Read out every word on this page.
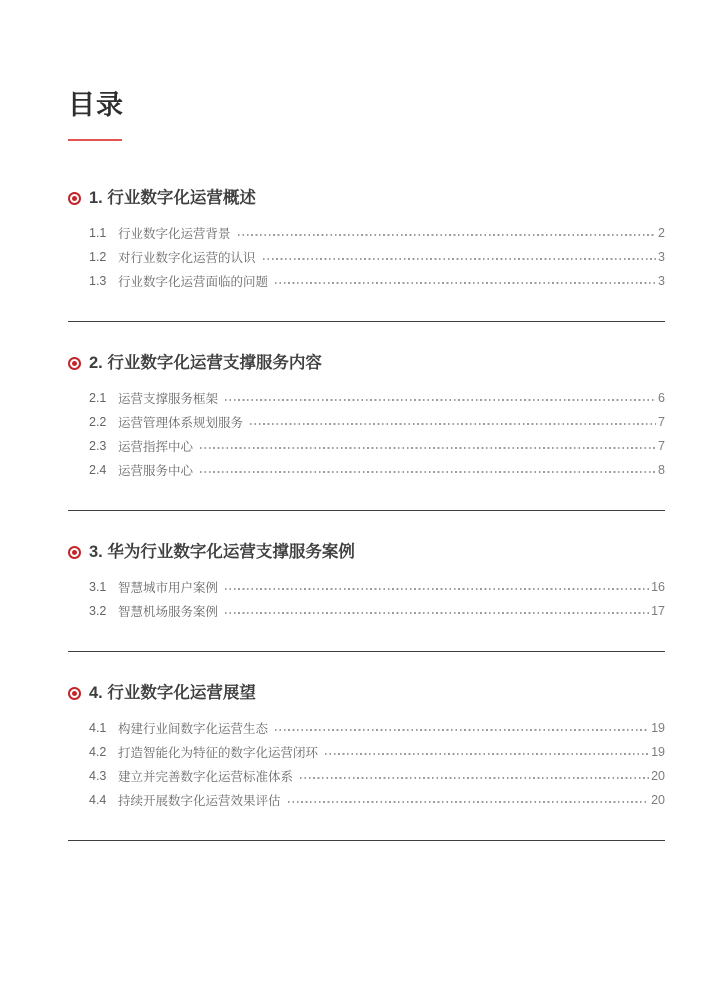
目录
1. 行业数字化运营概述
1.1 行业数字化运营背景	2
1.2 对行业数字化运营的认识	3
1.3 行业数字化运营面临的问题	3
2. 行业数字化运营支撑服务内容
2.1 运营支撑服务框架	6
2.2 运营管理体系规划服务	7
2.3 运营指挥中心	7
2.4 运营服务中心	8
3. 华为行业数字化运营支撑服务案例
3.1 智慧城市用户案例	16
3.2 智慧机场服务案例	17
4. 行业数字化运营展望
4.1 构建行业间数字化运营生态	19
4.2 打造智能化为特征的数字化运营闭环	19
4.3 建立并完善数字化运营标准体系	20
4.4 持续开展数字化运营效果评估	20
